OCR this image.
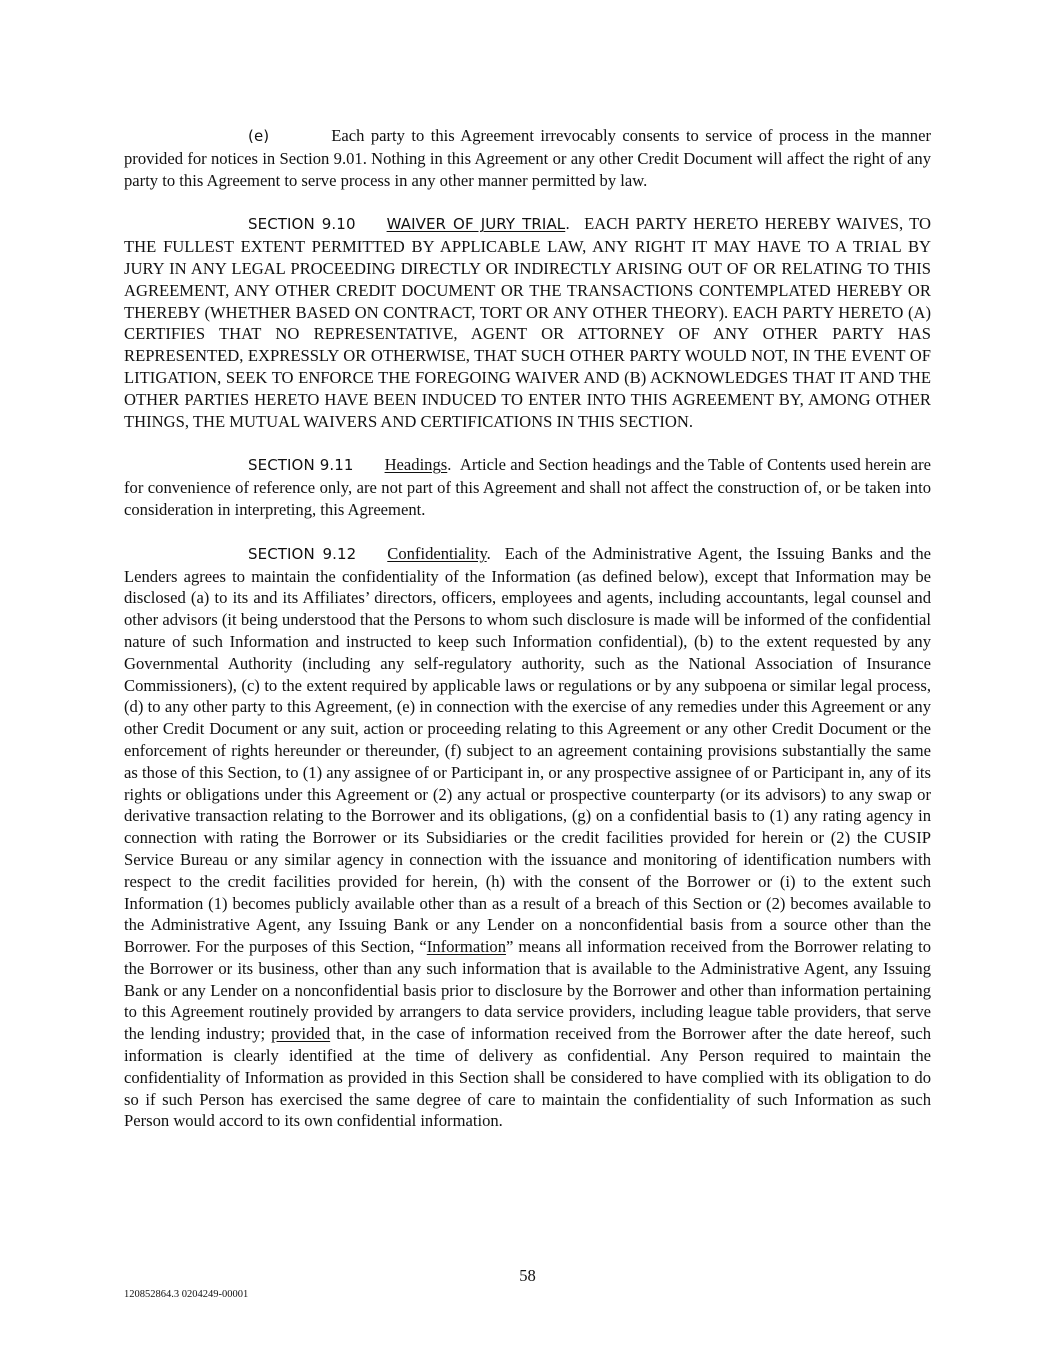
(e)	Each party to this Agreement irrevocably consents to service of process in the manner provided for notices in Section 9.01. Nothing in this Agreement or any other Credit Document will affect the right of any party to this Agreement to serve process in any other manner permitted by law.

SECTION 9.10 WAIVER OF JURY TRIAL.  EACH PARTY HERETO HEREBY WAIVES, TO THE FULLEST EXTENT PERMITTED BY APPLICABLE LAW, ANY RIGHT IT MAY HAVE TO A TRIAL BY JURY IN ANY LEGAL PROCEEDING DIRECTLY OR INDIRECTLY ARISING OUT OF OR RELATING TO THIS AGREEMENT, ANY OTHER CREDIT DOCUMENT OR THE TRANSACTIONS CONTEMPLATED HEREBY OR THEREBY (WHETHER BASED ON CONTRACT, TORT OR ANY OTHER THEORY). EACH PARTY HERETO (A) CERTIFIES THAT NO REPRESENTATIVE, AGENT OR ATTORNEY OF ANY OTHER PARTY HAS REPRESENTED, EXPRESSLY OR OTHERWISE, THAT SUCH OTHER PARTY WOULD NOT, IN THE EVENT OF LITIGATION, SEEK TO ENFORCE THE FOREGOING WAIVER AND (B) ACKNOWLEDGES THAT IT AND THE OTHER PARTIES HERETO HAVE BEEN INDUCED TO ENTER INTO THIS AGREEMENT BY, AMONG OTHER THINGS, THE MUTUAL WAIVERS AND CERTIFICATIONS IN THIS SECTION.

SECTION 9.11 Headings.  Article and Section headings and the Table of Contents used herein are for convenience of reference only, are not part of this Agreement and shall not affect the construction of, or be taken into consideration in interpreting, this Agreement.

SECTION 9.12 Confidentiality.  Each of the Administrative Agent, the Issuing Banks and the Lenders agrees to maintain the confidentiality of the Information (as defined below), except that Information may be disclosed (a) to its and its Affiliates’ directors, officers, employees and agents, including accountants, legal counsel and other advisors (it being understood that the Persons to whom such disclosure is made will be informed of the confidential nature of such Information and instructed to keep such Information confidential), (b) to the extent requested by any Governmental Authority (including any self-regulatory authority, such as the National Association of Insurance Commissioners), (c) to the extent required by applicable laws or regulations or by any subpoena or similar legal process, (d) to any other party to this Agreement, (e) in connection with the exercise of any remedies under this Agreement or any other Credit Document or any suit, action or proceeding relating to this Agreement or any other Credit Document or the enforcement of rights hereunder or thereunder, (f) subject to an agreement containing provisions substantially the same as those of this Section, to (1) any assignee of or Participant in, or any prospective assignee of or Participant in, any of its rights or obligations under this Agreement or (2) any actual or prospective counterparty (or its advisors) to any swap or derivative transaction relating to the Borrower and its obligations, (g) on a confidential basis to (1) any rating agency in connection with rating the Borrower or its Subsidiaries or the credit facilities provided for herein or (2) the CUSIP Service Bureau or any similar agency in connection with the issuance and monitoring of identification numbers with respect to the credit facilities provided for herein, (h) with the consent of the Borrower or (i) to the extent such Information (1) becomes publicly available other than as a result of a breach of this Section or (2) becomes available to the Administrative Agent, any Issuing Bank or any Lender on a nonconfidential basis from a source other than the Borrower. For the purposes of this Section, “Information” means all information received from the Borrower relating to the Borrower or its business, other than any such information that is available to the Administrative Agent, any Issuing Bank or any Lender on a nonconfidential basis prior to disclosure by the Borrower and other than information pertaining to this Agreement routinely provided by arrangers to data service providers, including league table providers, that serve the lending industry; provided that, in the case of information received from the Borrower after the date hereof, such information is clearly identified at the time of delivery as confidential. Any Person required to maintain the confidentiality of Information as provided in this Section shall be considered to have complied with its obligation to do so if such Person has exercised the same degree of care to maintain the confidentiality of such Information as such Person would accord to its own confidential information.

58
120852864.3 0204249-00001
